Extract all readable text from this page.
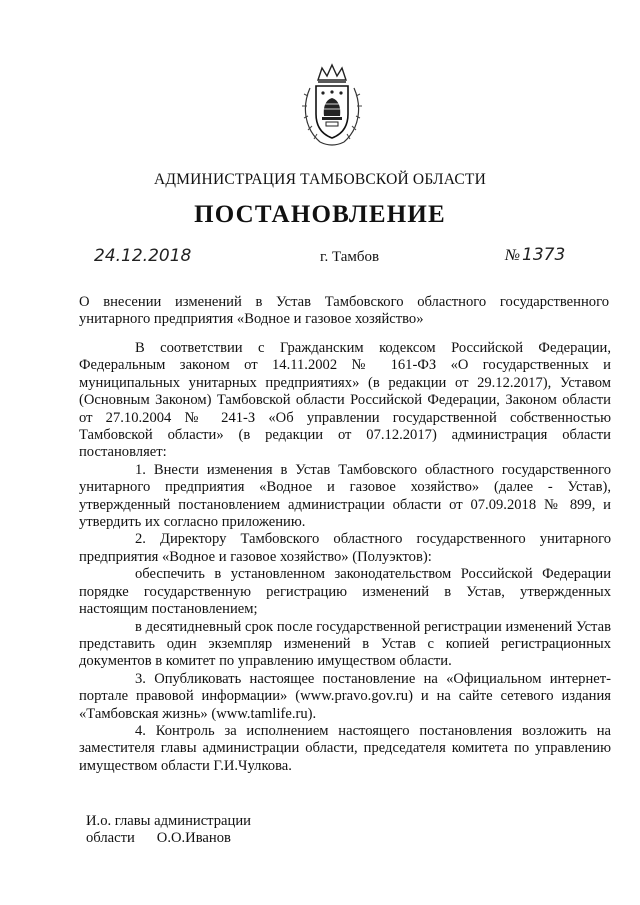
АДМИНИСТРАЦИЯ ТАМБОВСКОЙ ОБЛАСТИ
ПОСТАНОВЛЕНИЕ
24.12.2018	г. Тамбов	№ 1373
О внесении изменений в Устав Тамбовского областного государственного унитарного предприятия «Водное и газовое хозяйство»

В соответствии с Гражданским кодексом Российской Федерации, Федеральным законом от 14.11.2002 № 161-ФЗ «О государственных и муниципальных унитарных предприятиях» (в редакции от 29.12.2017), Уставом (Основным Законом) Тамбовской области Российской Федерации, Законом области от 27.10.2004 № 241-З «Об управлении государственной собственностью Тамбовской области» (в редакции от 07.12.2017) администрация области постановляет:

1. Внести изменения в Устав Тамбовского областного государственного унитарного предприятия «Водное и газовое хозяйство» (далее - Устав), утвержденный постановлением администрации области от 07.09.2018 № 899, и утвердить их согласно приложению.

2. Директору Тамбовского областного государственного унитарного предприятия «Водное и газовое хозяйство» (Полуэктов):

обеспечить в установленном законодательством Российской Федерации порядке государственную регистрацию изменений в Устав, утвержденных настоящим постановлением;

в десятидневный срок после государственной регистрации изменений Устав представить один экземпляр изменений в Устав с копией регистрационных документов в комитет по управлению имуществом области.

3. Опубликовать настоящее постановление на «Официальном интернет-портале правовой информации» (www.pravo.gov.ru) и на сайте сетевого издания «Тамбовская жизнь» (www.tamlife.ru).

4. Контроль за исполнением настоящего постановления возложить на заместителя главы администрации области, председателя комитета по управлению имуществом области Г.И.Чулкова.

И.о. главы администрации
области О.О.Иванов
